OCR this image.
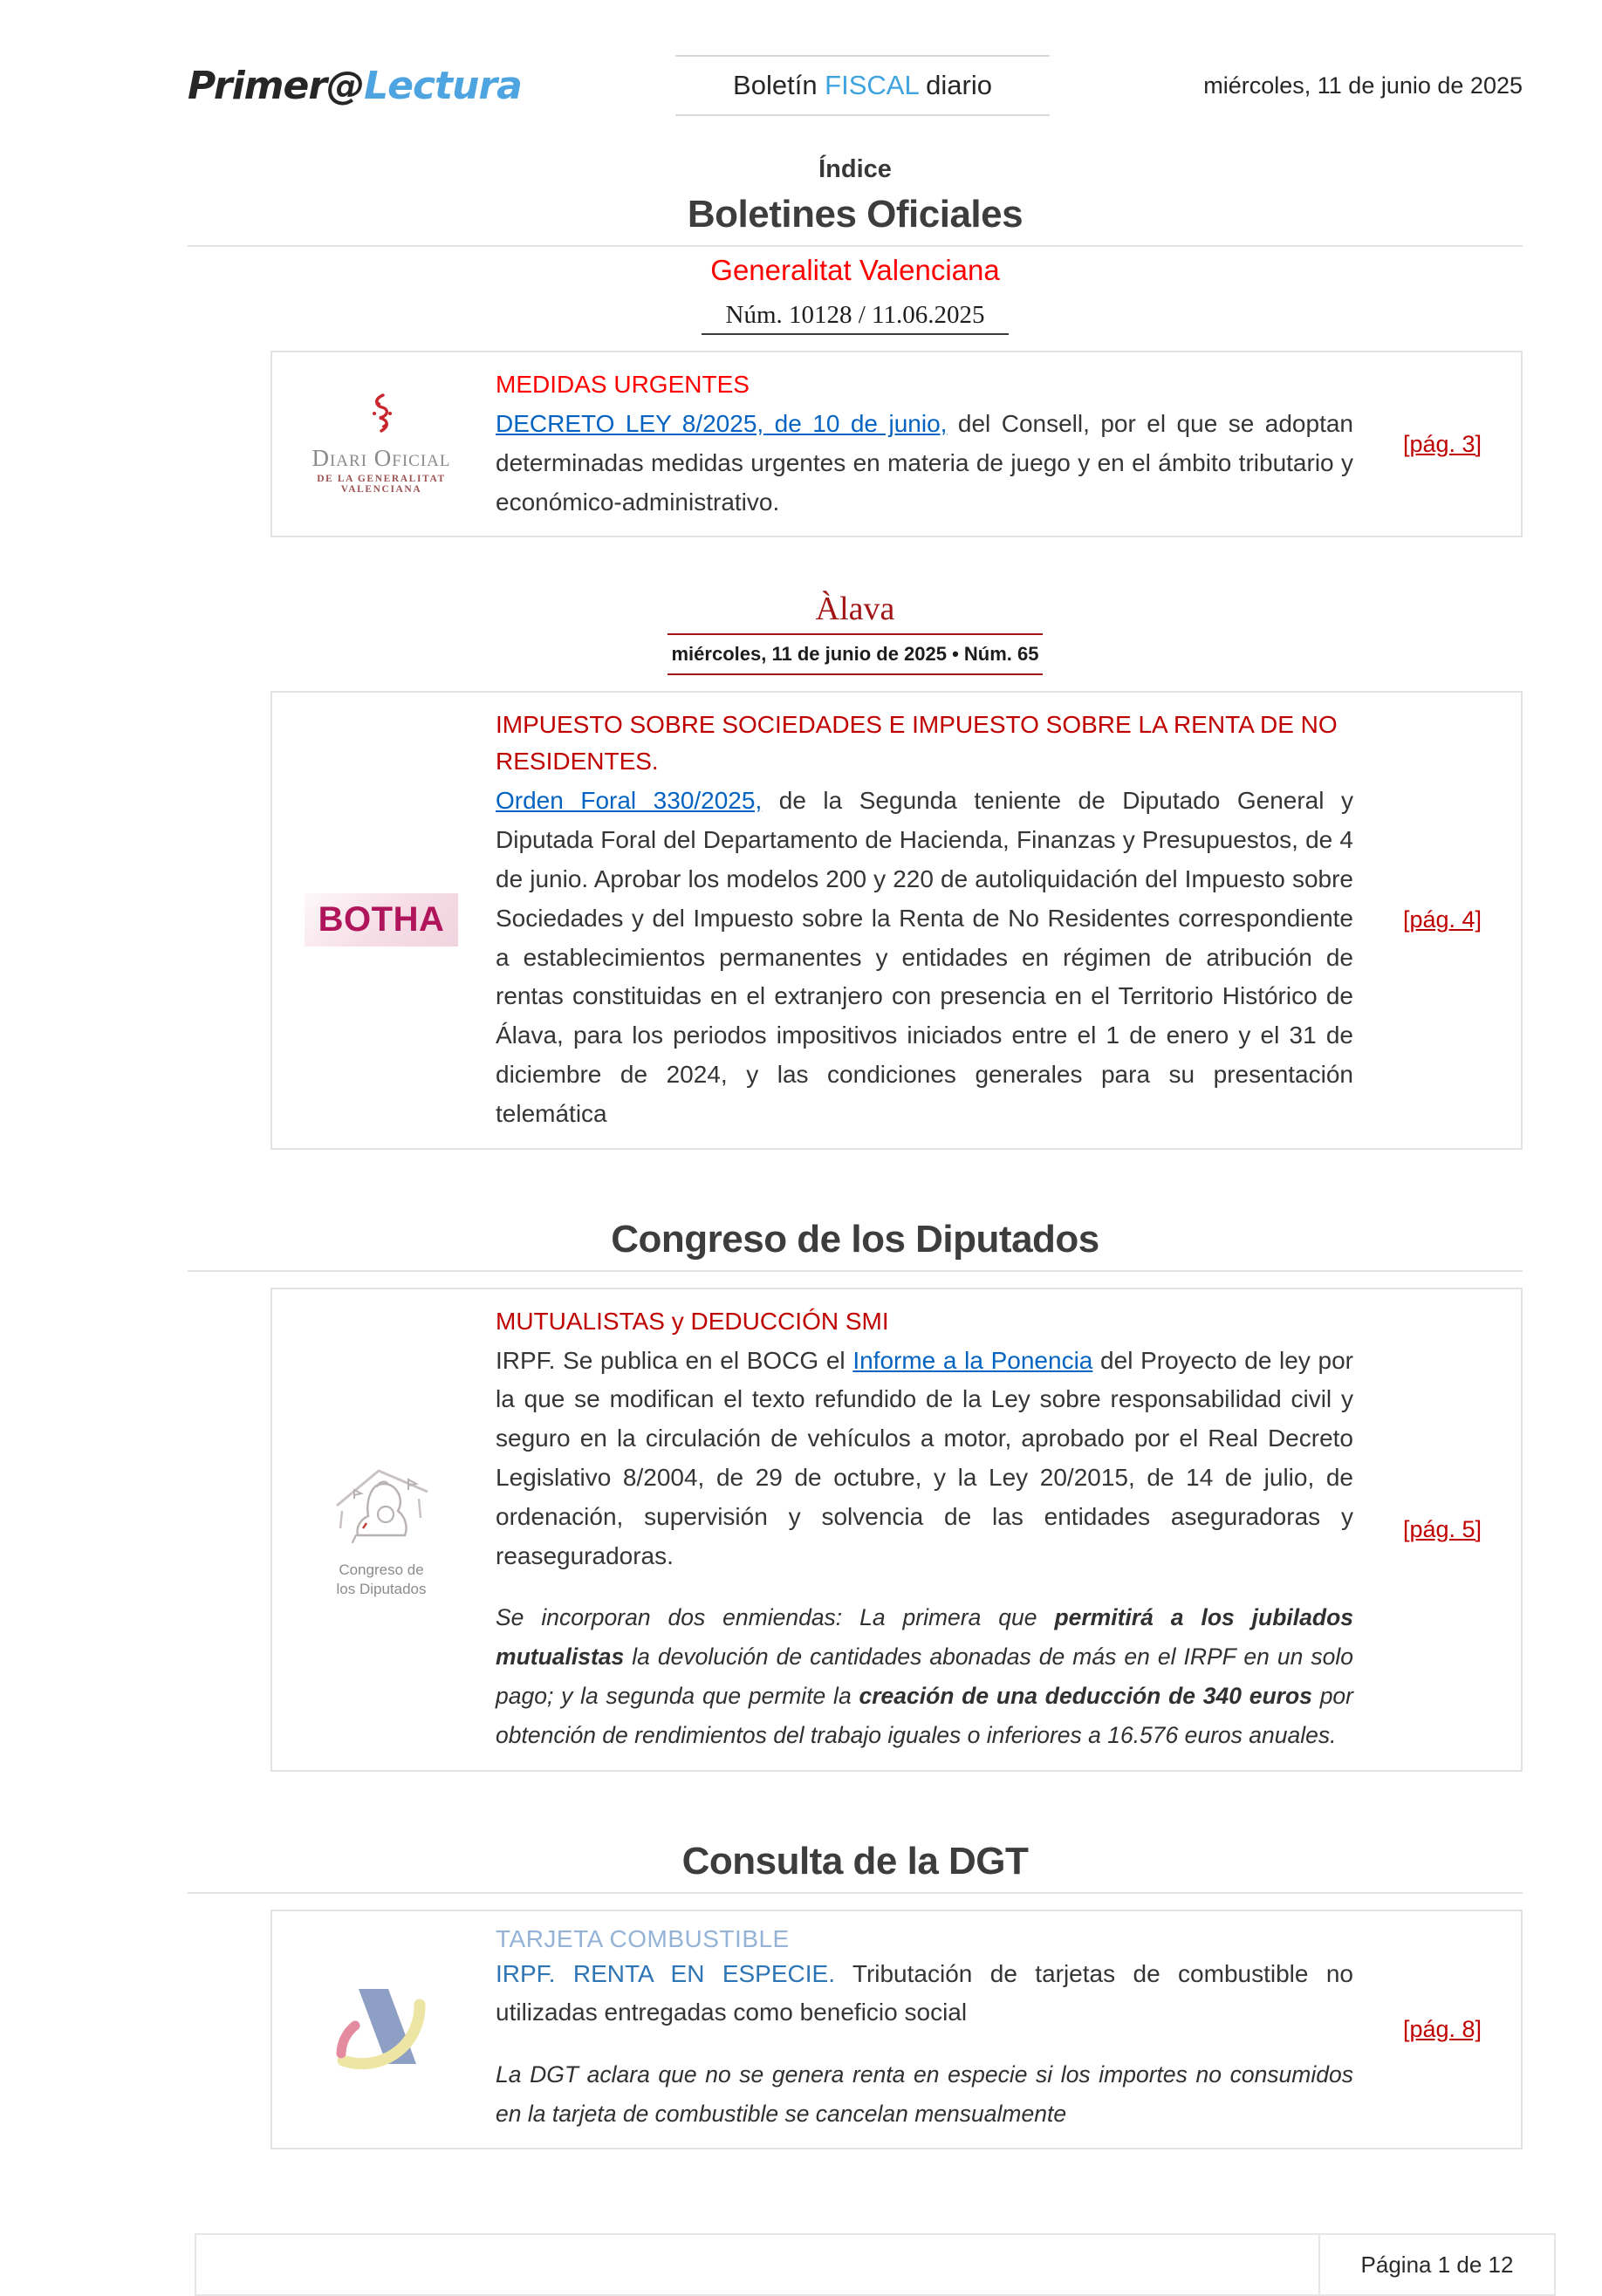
Primer@Lectura	Boletín FISCAL diario	miércoles, 11 de junio de 2025
Índice
Boletines Oficiales
Generalitat Valenciana
Núm. 10128 / 11.06.2025
Diari Oficial
DE LA GENERALITAT VALENCIANA
MEDIDAS URGENTES
DECRETO LEY 8/2025, de 10 de junio, del Consell, por el que se adoptan determinadas medidas urgentes en materia de juego y en el ámbito tributario y económico-administrativo.
[pág. 3]
Àlava
miércoles, 11 de junio de 2025 • Núm. 65
BOTHA
IMPUESTO SOBRE SOCIEDADES E IMPUESTO SOBRE LA RENTA DE NO RESIDENTES.
Orden Foral 330/2025, de la Segunda teniente de Diputado General y Diputada Foral del Departamento de Hacienda, Finanzas y Presupuestos, de 4 de junio. Aprobar los modelos 200 y 220 de autoliquidación del Impuesto sobre Sociedades y del Impuesto sobre la Renta de No Residentes correspondiente a establecimientos permanentes y entidades en régimen de atribución de rentas constituidas en el extranjero con presencia en el Territorio Histórico de Álava, para los periodos impositivos iniciados entre el 1 de enero y el 31 de diciembre de 2024, y las condiciones generales para su presentación telemática
[pág. 4]
Congreso de los Diputados
Congreso de
los Diputados
MUTUALISTAS y DEDUCCIÓN SMI
IRPF. Se publica en el BOCG el Informe a la Ponencia del Proyecto de ley por la que se modifican el texto refundido de la Ley sobre responsabilidad civil y seguro en la circulación de vehículos a motor, aprobado por el Real Decreto Legislativo 8/2004, de 29 de octubre, y la Ley 20/2015, de 14 de julio, de ordenación, supervisión y solvencia de las entidades aseguradoras y reaseguradoras.
Se incorporan dos enmiendas: La primera que permitirá a los jubilados mutualistas la devolución de cantidades abonadas de más en el IRPF en un solo pago; y la segunda que permite la creación de una deducción de 340 euros por obtención de rendimientos del trabajo iguales o inferiores a 16.576 euros anuales.
[pág. 5]
Consulta de la DGT
TARJETA COMBUSTIBLE
IRPF. RENTA EN ESPECIE. Tributación de tarjetas de combustible no utilizadas entregadas como beneficio social
La DGT aclara que no se genera renta en especie si los importes no consumidos en la tarjeta de combustible se cancelan mensualmente
[pág. 8]
Página 1 de 12
